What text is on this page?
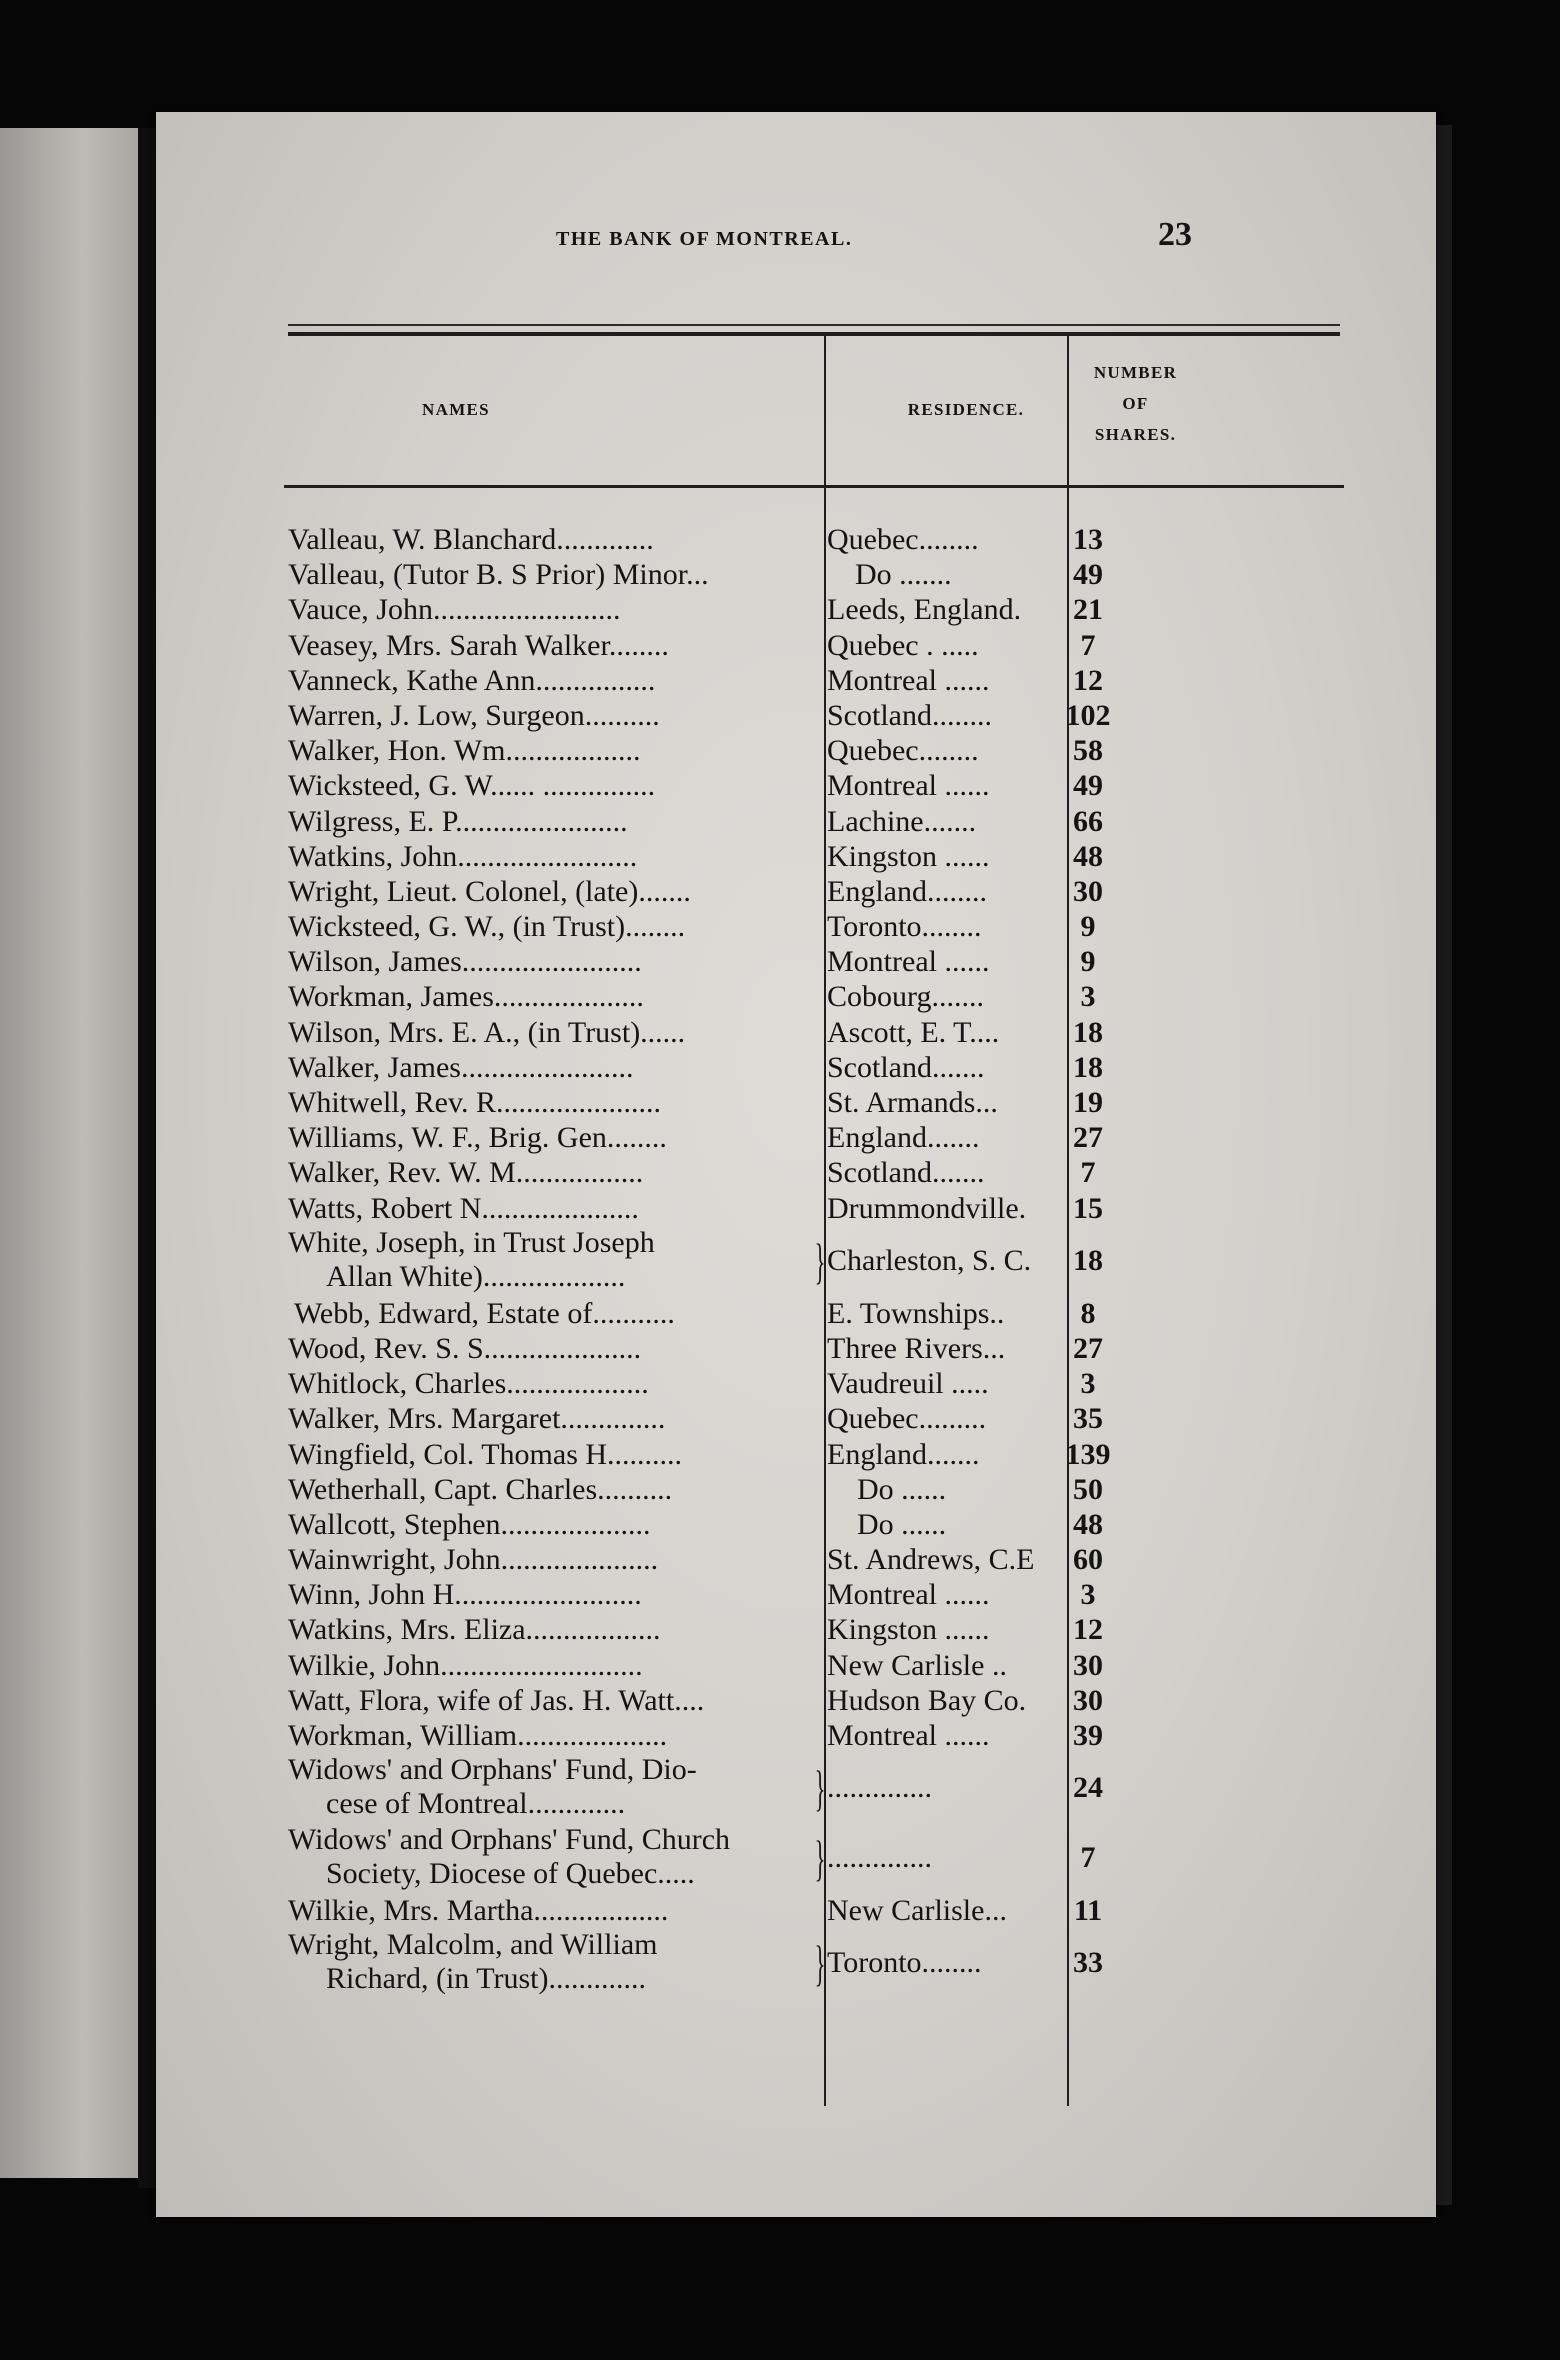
THE BANK OF MONTREAL.	23
NAMES	RESIDENCE.
NUMBER
OF
SHARES.
Valleau, W. Blanchard.............	Quebec........	13
Valleau, (Tutor B. S Prior) Minor...	Do .......	49
Vauce, John.........................	Leeds, England.	21
Veasey, Mrs. Sarah Walker........	Quebec . .....	7
Vanneck, Kathe Ann................	Montreal ......	12
Warren, J. Low, Surgeon..........	Scotland........	102
Walker, Hon. Wm..................	Quebec........	58
Wicksteed, G. W...... ...............	Montreal ......	49
Wilgress, E. P.......................	Lachine.......	66
Watkins, John........................	Kingston ......	48
Wright, Lieut. Colonel, (late).......	England........	30
Wicksteed, G. W., (in Trust)........	Toronto........	9
Wilson, James........................	Montreal ......	9
Workman, James....................	Cobourg.......	3
Wilson, Mrs. E. A., (in Trust)......	Ascott, E. T....	18
Walker, James.......................	Scotland.......	18
Whitwell, Rev. R......................	St. Armands...	19
Williams, W. F., Brig. Gen........	England.......	27
Walker, Rev. W. M.................	Scotland.......	7
Watts, Robert N.....................	Drummondville.	15
White, Joseph, in Trust Joseph
Allan White)...................	} Charleston, S. C.	18
Webb, Edward, Estate of...........	E. Townships..	8
Wood, Rev. S. S.....................	Three Rivers...	27
Whitlock, Charles...................	Vaudreuil .....	3
Walker, Mrs. Margaret..............	Quebec.........	35
Wingfield, Col. Thomas H..........	England.......	139
Wetherhall, Capt. Charles..........	Do ......	50
Wallcott, Stephen....................	Do ......	48
Wainwright, John.....................	St. Andrews, C.E	60
Winn, John H.........................	Montreal ......	3
Watkins, Mrs. Eliza..................	Kingston ......	12
Wilkie, John...........................	New Carlisle ..	30
Watt, Flora, wife of Jas. H. Watt....	Hudson Bay Co.	30
Workman, William....................	Montreal ......	39
Widows' and Orphans' Fund, Dio-
cese of Montreal.............	} ..............	24
Widows' and Orphans' Fund, Church
Society, Diocese of Quebec.....	} ..............	7
Wilkie, Mrs. Martha..................	New Carlisle...	11
Wright, Malcolm, and William
Richard, (in Trust).............	} Toronto........	33
